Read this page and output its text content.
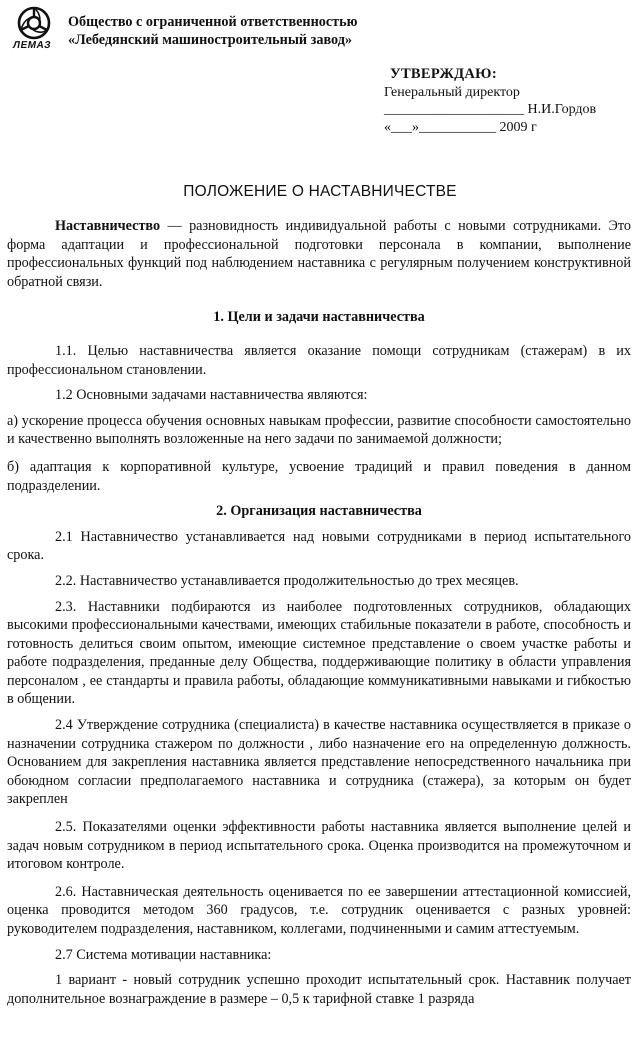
ЛЕМАЗ
Общество с ограниченной ответственностью
«Лебедянский машиностроительный завод»
УТВЕРЖДАЮ:
Генеральный директор
____________________ Н.И.Гордов
«___»___________ 2009 г
ПОЛОЖЕНИЕ О НАСТАВНИЧЕСТВЕ

Наставничество — разновидность индивидуальной работы с новыми сотрудниками. Это форма адаптации и профессиональной подготовки персонала в компании, выполнение профессиональных функций под наблюдением наставника с регулярным получением конструктивной обратной связи.

1. Цели и задачи наставничества

1.1. Целью наставничества является оказание помощи сотрудникам (стажерам) в их профессиональном становлении.

1.2 Основными задачами наставничества являются:

а) ускорение процесса обучения основных навыкам профессии, развитие способности самостоятельно и качественно выполнять возложенные на него задачи по занимаемой должности;

б) адаптация к корпоративной культуре, усвоение традиций и правил поведения в данном подразделении.

2. Организация наставничества

2.1 Наставничество устанавливается над новыми сотрудниками в период испытательного срока.

2.2. Наставничество устанавливается продолжительностью до трех месяцев.

2.3. Наставники подбираются из наиболее подготовленных сотрудников, обладающих высокими профессиональными качествами, имеющих стабильные показатели в работе, способность и готовность делиться своим опытом, имеющие системное представление о своем участке работы и работе подразделения, преданные делу Общества, поддерживающие политику в области управления персоналом , ее стандарты и правила работы, обладающие коммуникативными навыками и гибкостью в общении.

2.4 Утверждение сотрудника (специалиста) в качестве наставника осуществляется в приказе о назначении сотрудника стажером по должности , либо назначение его на определенную должность. Основанием для закрепления наставника является представление непосредственного начальника при обоюдном согласии предполагаемого наставника и сотрудника (стажера), за которым он будет закреплен

2.5. Показателями оценки эффективности работы наставника является выполнение целей и задач новым сотрудником в период испытательного срока. Оценка производится на промежуточном и итоговом контроле.

2.6. Наставническая деятельность оценивается по ее завершении аттестационной комиссией, оценка проводится методом 360 градусов, т.е. сотрудник оценивается с разных уровней: руководителем подразделения, наставником, коллегами, подчиненными и самим аттестуемым.

2.7 Система мотивации наставника:

1 вариант - новый сотрудник успешно проходит испытательный срок. Наставник получает дополнительное вознаграждение в размере – 0,5 к тарифной ставке 1 разряда
